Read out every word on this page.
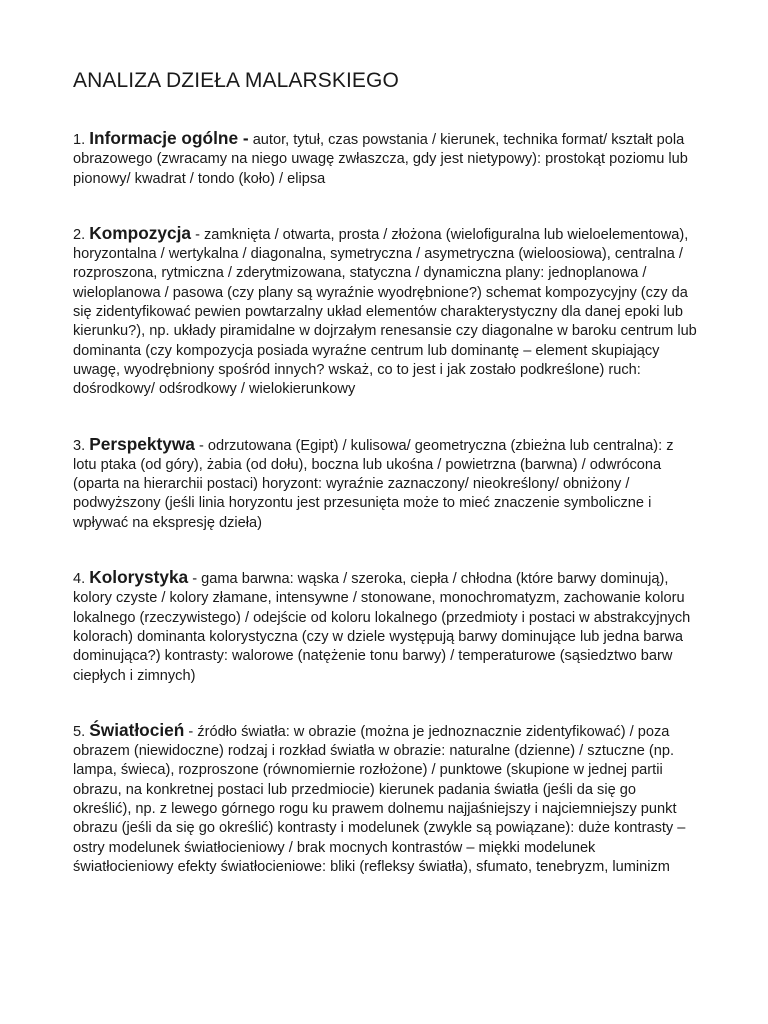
ANALIZA DZIEŁA MALARSKIEGO

1. Informacje ogólne - autor, tytuł, czas powstania / kierunek, technika format/ kształt pola obrazowego (zwracamy na niego uwagę zwłaszcza, gdy jest nietypowy): prostokąt poziomu lub pionowy/ kwadrat / tondo (koło) / elipsa

2. Kompozycja - zamknięta / otwarta, prosta / złożona (wielofiguralna lub wieloelementowa), horyzontalna / wertykalna / diagonalna, symetryczna / asymetryczna (wieloosiowa), centralna / rozproszona, rytmiczna / zderytmizowana, statyczna / dynamiczna plany: jednoplanowa / wieloplanowa / pasowa (czy plany są wyraźnie wyodrębnione?) schemat kompozycyjny (czy da się zidentyfikować pewien powtarzalny układ elementów charakterystyczny dla danej epoki lub kierunku?), np. układy piramidalne w dojrzałym renesansie czy diagonalne w baroku centrum lub dominanta (czy kompozycja posiada wyraźne centrum lub dominantę – element skupiający uwagę, wyodrębniony spośród innych? wskaż, co to jest i jak zostało podkreślone) ruch: dośrodkowy/ odśrodkowy / wielokierunkowy

3. Perspektywa - odrzutowana (Egipt) / kulisowa/ geometryczna (zbieżna lub centralna): z lotu ptaka (od góry), żabia (od dołu), boczna lub ukośna / powietrzna (barwna) / odwrócona (oparta na hierarchii postaci) horyzont: wyraźnie zaznaczony/ nieokreślony/ obniżony / podwyższony (jeśli linia horyzontu jest przesunięta może to mieć znaczenie symboliczne i wpływać na ekspresję dzieła)

4. Kolorystyka - gama barwna: wąska / szeroka, ciepła / chłodna (które barwy dominują), kolory czyste / kolory złamane, intensywne / stonowane, monochromatyzm, zachowanie koloru lokalnego (rzeczywistego) / odejście od koloru lokalnego (przedmioty i postaci w abstrakcyjnych kolorach) dominanta kolorystyczna (czy w dziele występują barwy dominujące lub jedna barwa dominująca?) kontrasty: walorowe (natężenie tonu barwy) / temperaturowe (sąsiedztwo barw ciepłych i zimnych)

5. Światłocień - źródło światła: w obrazie (można je jednoznacznie zidentyfikować) / poza obrazem (niewidoczne) rodzaj i rozkład światła w obrazie: naturalne (dzienne) / sztuczne (np. lampa, świeca), rozproszone (równomiernie rozłożone) / punktowe (skupione w jednej partii obrazu, na konkretnej postaci lub przedmiocie) kierunek padania światła (jeśli da się go określić), np. z lewego górnego rogu ku prawem dolnemu najjaśniejszy i najciemniejszy punkt obrazu (jeśli da się go określić) kontrasty i modelunek (zwykle są powiązane): duże kontrasty – ostry modelunek światłocieniowy / brak mocnych kontrastów – miękki modelunek światłocieniowy efekty światłocieniowe: bliki (refleksy światła), sfumato, tenebryzm, luminizm
